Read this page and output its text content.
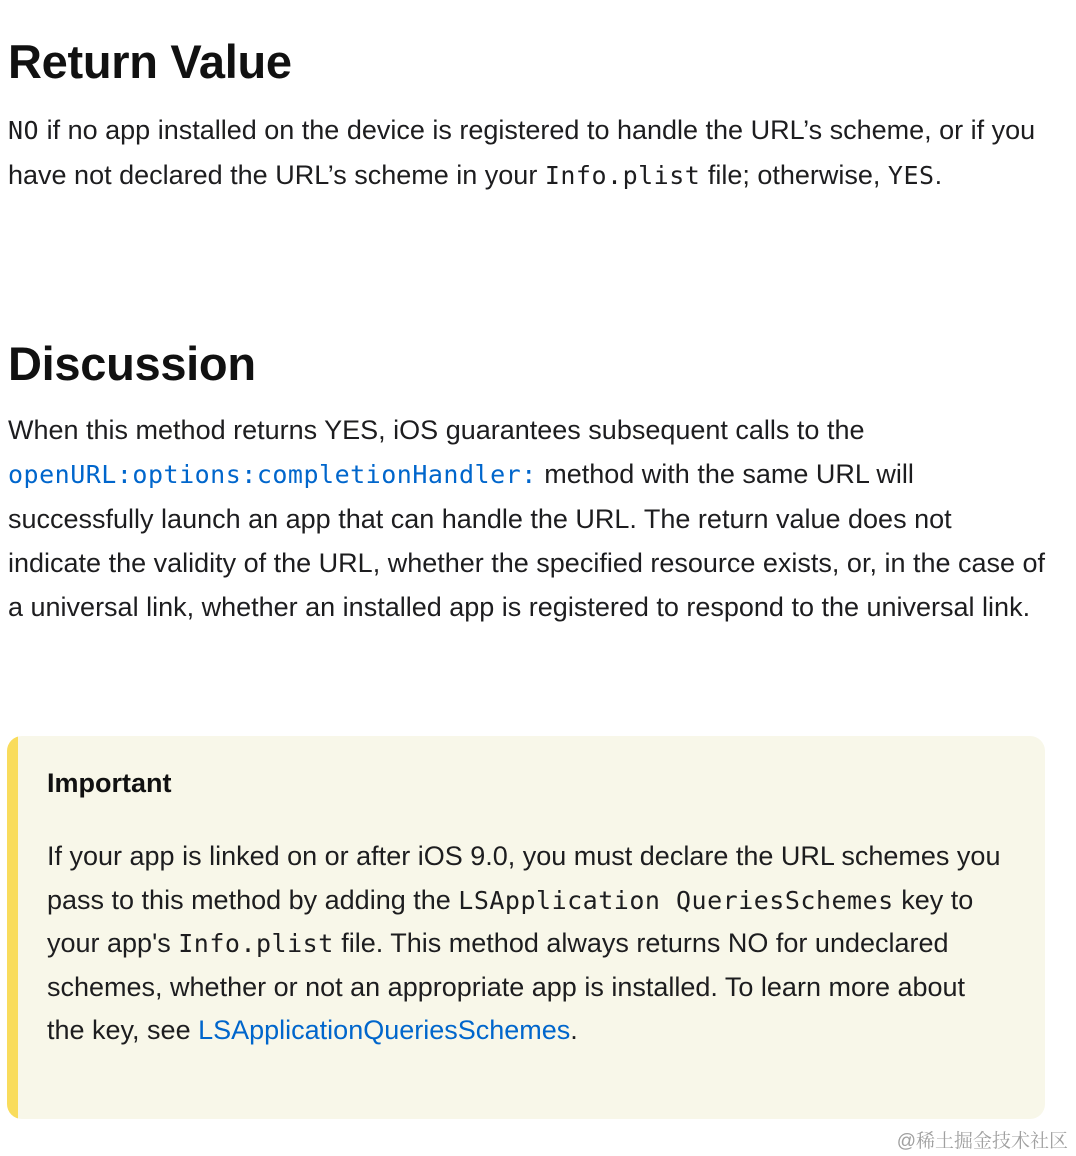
Return Value

NO if no app installed on the device is registered to handle the URL’s scheme, or if you have not declared the URL’s scheme in your Info.plist file; otherwise, YES.

Discussion

When this method returns YES, iOS guarantees subsequent calls to the openURL:options:completionHandler: method with the same URL will successfully launch an app that can handle the URL. The return value does not indicate the validity of the URL, whether the specified resource exists, or, in the case of a universal link, whether an installed app is registered to respond to the universal link.

Important

If your app is linked on or after iOS 9.0, you must declare the URL schemes you pass to this method by adding the LSApplication QueriesSchemes key to your app's Info.plist file. This method always returns NO for undeclared schemes, whether or not an appropriate app is installed. To learn more about the key, see LSApplicationQueriesSchemes.

@稀土掘金技术社区
